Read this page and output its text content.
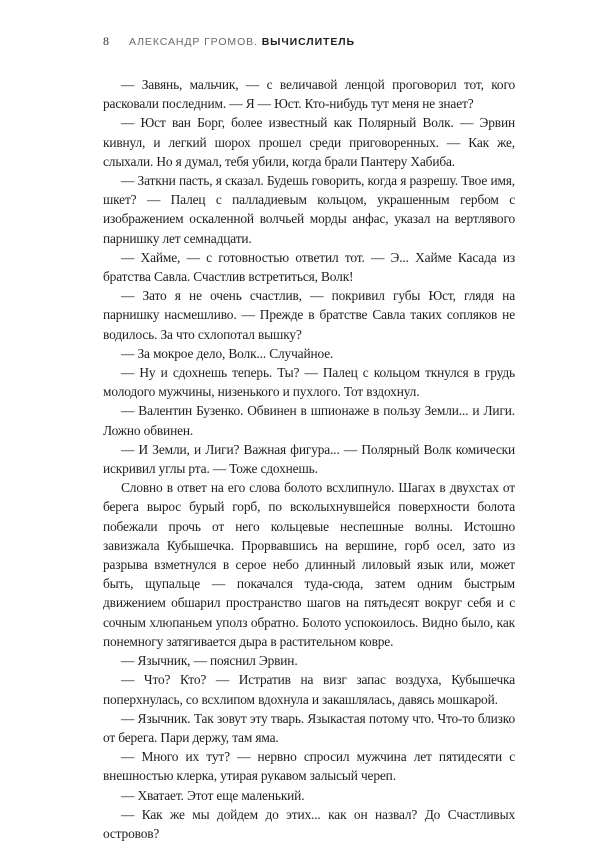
8 АЛЕКСАНДР ГРОМОВ. ВЫЧИСЛИТЕЛЬ

— Завянь, мальчик, — с величавой ленцой проговорил тот, кого расковали последним. — Я — Юст. Кто-нибудь тут меня не знает?

— Юст ван Борг, более известный как Полярный Волк. — Эрвин кивнул, и легкий шорох прошел среди приговоренных. — Как же, слыхали. Но я думал, тебя убили, когда брали Пантеру Хабиба.

— Заткни пасть, я сказал. Будешь говорить, когда я разрешу. Твое имя, шкет? — Палец с палладиевым кольцом, украшенным гербом с изображением оскаленной волчьей морды анфас, указал на вертлявого парнишку лет семнадцати.

— Хайме, — с готовностью ответил тот. — Э... Хайме Касада из братства Савла. Счастлив встретиться, Волк!

— Зато я не очень счастлив, — покривил губы Юст, глядя на парнишку насмешливо. — Прежде в братстве Савла таких сопляков не водилось. За что схлопотал вышку?

— За мокрое дело, Волк... Случайное.

— Ну и сдохнешь теперь. Ты? — Палец с кольцом ткнулся в грудь молодого мужчины, низенького и пухлого. Тот вздохнул.

— Валентин Бузенко. Обвинен в шпионаже в пользу Земли... и Лиги. Ложно обвинен.

— И Земли, и Лиги? Важная фигура... — Полярный Волк комически искривил углы рта. — Тоже сдохнешь.

Словно в ответ на его слова болото всхлипнуло. Шагах в двухстах от берега вырос бурый горб, по всколыхнувшейся поверхности болота побежали прочь от него кольцевые неспешные волны. Истошно завизжала Кубышечка. Прорвавшись на вершине, горб осел, зато из разрыва взметнулся в серое небо длинный лиловый язык или, может быть, щупальце — покачался туда-сюда, затем одним быстрым движением обшарил пространство шагов на пятьдесят вокруг себя и с сочным хлюпаньем уполз обратно. Болото успокоилось. Видно было, как понемногу затягивается дыра в растительном ковре.

— Язычник, — пояснил Эрвин.

— Что? Кто? — Истратив на визг запас воздуха, Кубышечка поперхнулась, со всхлипом вдохнула и закашлялась, давясь мошкарой.

— Язычник. Так зовут эту тварь. Языкастая потому что. Что-то близко от берега. Пари держу, там яма.

— Много их тут? — нервно спросил мужчина лет пятидесяти с внешностью клерка, утирая рукавом залысый череп.

— Хватает. Этот еще маленький.

— Как же мы дойдем до этих... как он назвал? До Счастливых островов?
